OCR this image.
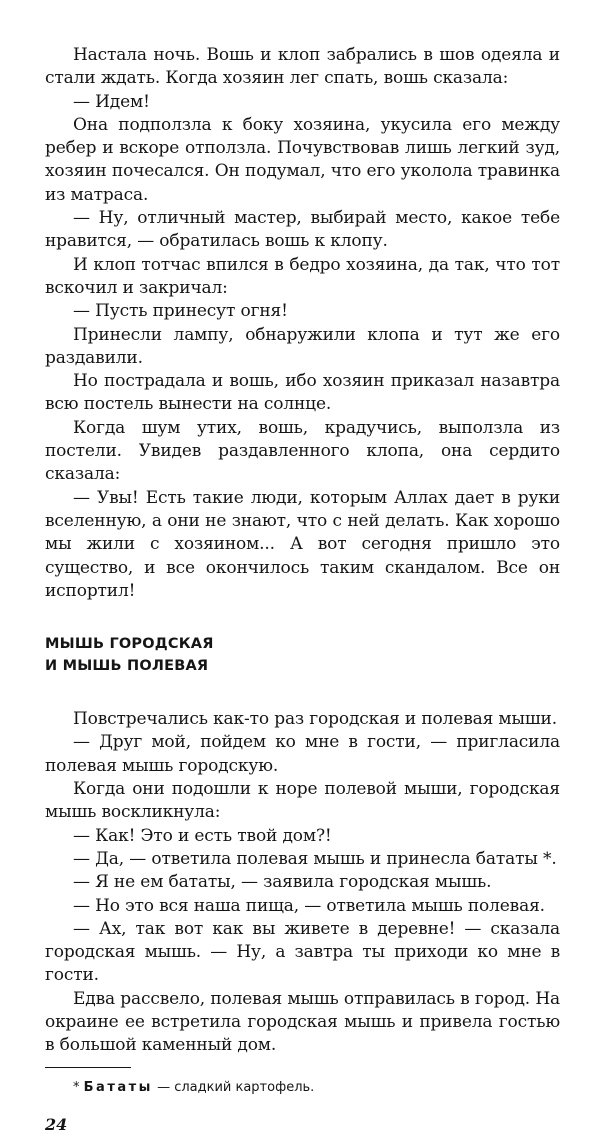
Настала ночь. Вошь и клоп забрались в шов одеяла и стали ждать. Когда хозяин лег спать, вошь сказала:

— Идем!

Она подползла к боку хозяина, укусила его между ребер и вскоре отползла. Почувствовав лишь легкий зуд, хозяин почесался. Он подумал, что его уколола травинка из матраса.

— Ну, отличный мастер, выбирай место, какое тебе нравится, — обратилась вошь к клопу.

И клоп тотчас впился в бедро хозяина, да так, что тот вскочил и закричал:

— Пусть принесут огня!

Принесли лампу, обнаружили клопа и тут же его раздавили.

Но пострадала и вошь, ибо хозяин приказал назавтра всю постель вынести на солнце.

Когда шум утих, вошь, крадучись, выползла из постели. Увидев раздавленного клопа, она сердито сказала:

— Увы! Есть такие люди, которым Аллах дает в руки вселенную, а они не знают, что с ней делать. Как хорошо мы жили с хозяином... А вот сегодня пришло это существо, и все окончилось таким скандалом. Все он испортил!

МЫШЬ ГОРОДСКАЯ
И МЫШЬ ПОЛЕВАЯ

Повстречались как-то раз городская и полевая мыши.

— Друг мой, пойдем ко мне в гости, — пригласила полевая мышь городскую.

Когда они подошли к норе полевой мыши, городская мышь воскликнула:

— Как! Это и есть твой дом?!

— Да, — ответила полевая мышь и принесла бататы *.

— Я не ем бататы, — заявила городская мышь.

— Но это вся наша пища, — ответила мышь полевая.

— Ах, так вот как вы живете в деревне! — сказала городская мышь. — Ну, а завтра ты приходи ко мне в гости.

Едва рассвело, полевая мышь отправилась в город. На окраине ее встретила городская мышь и привела гостью в большой каменный дом.

* Бататы — сладкий картофель.
24
